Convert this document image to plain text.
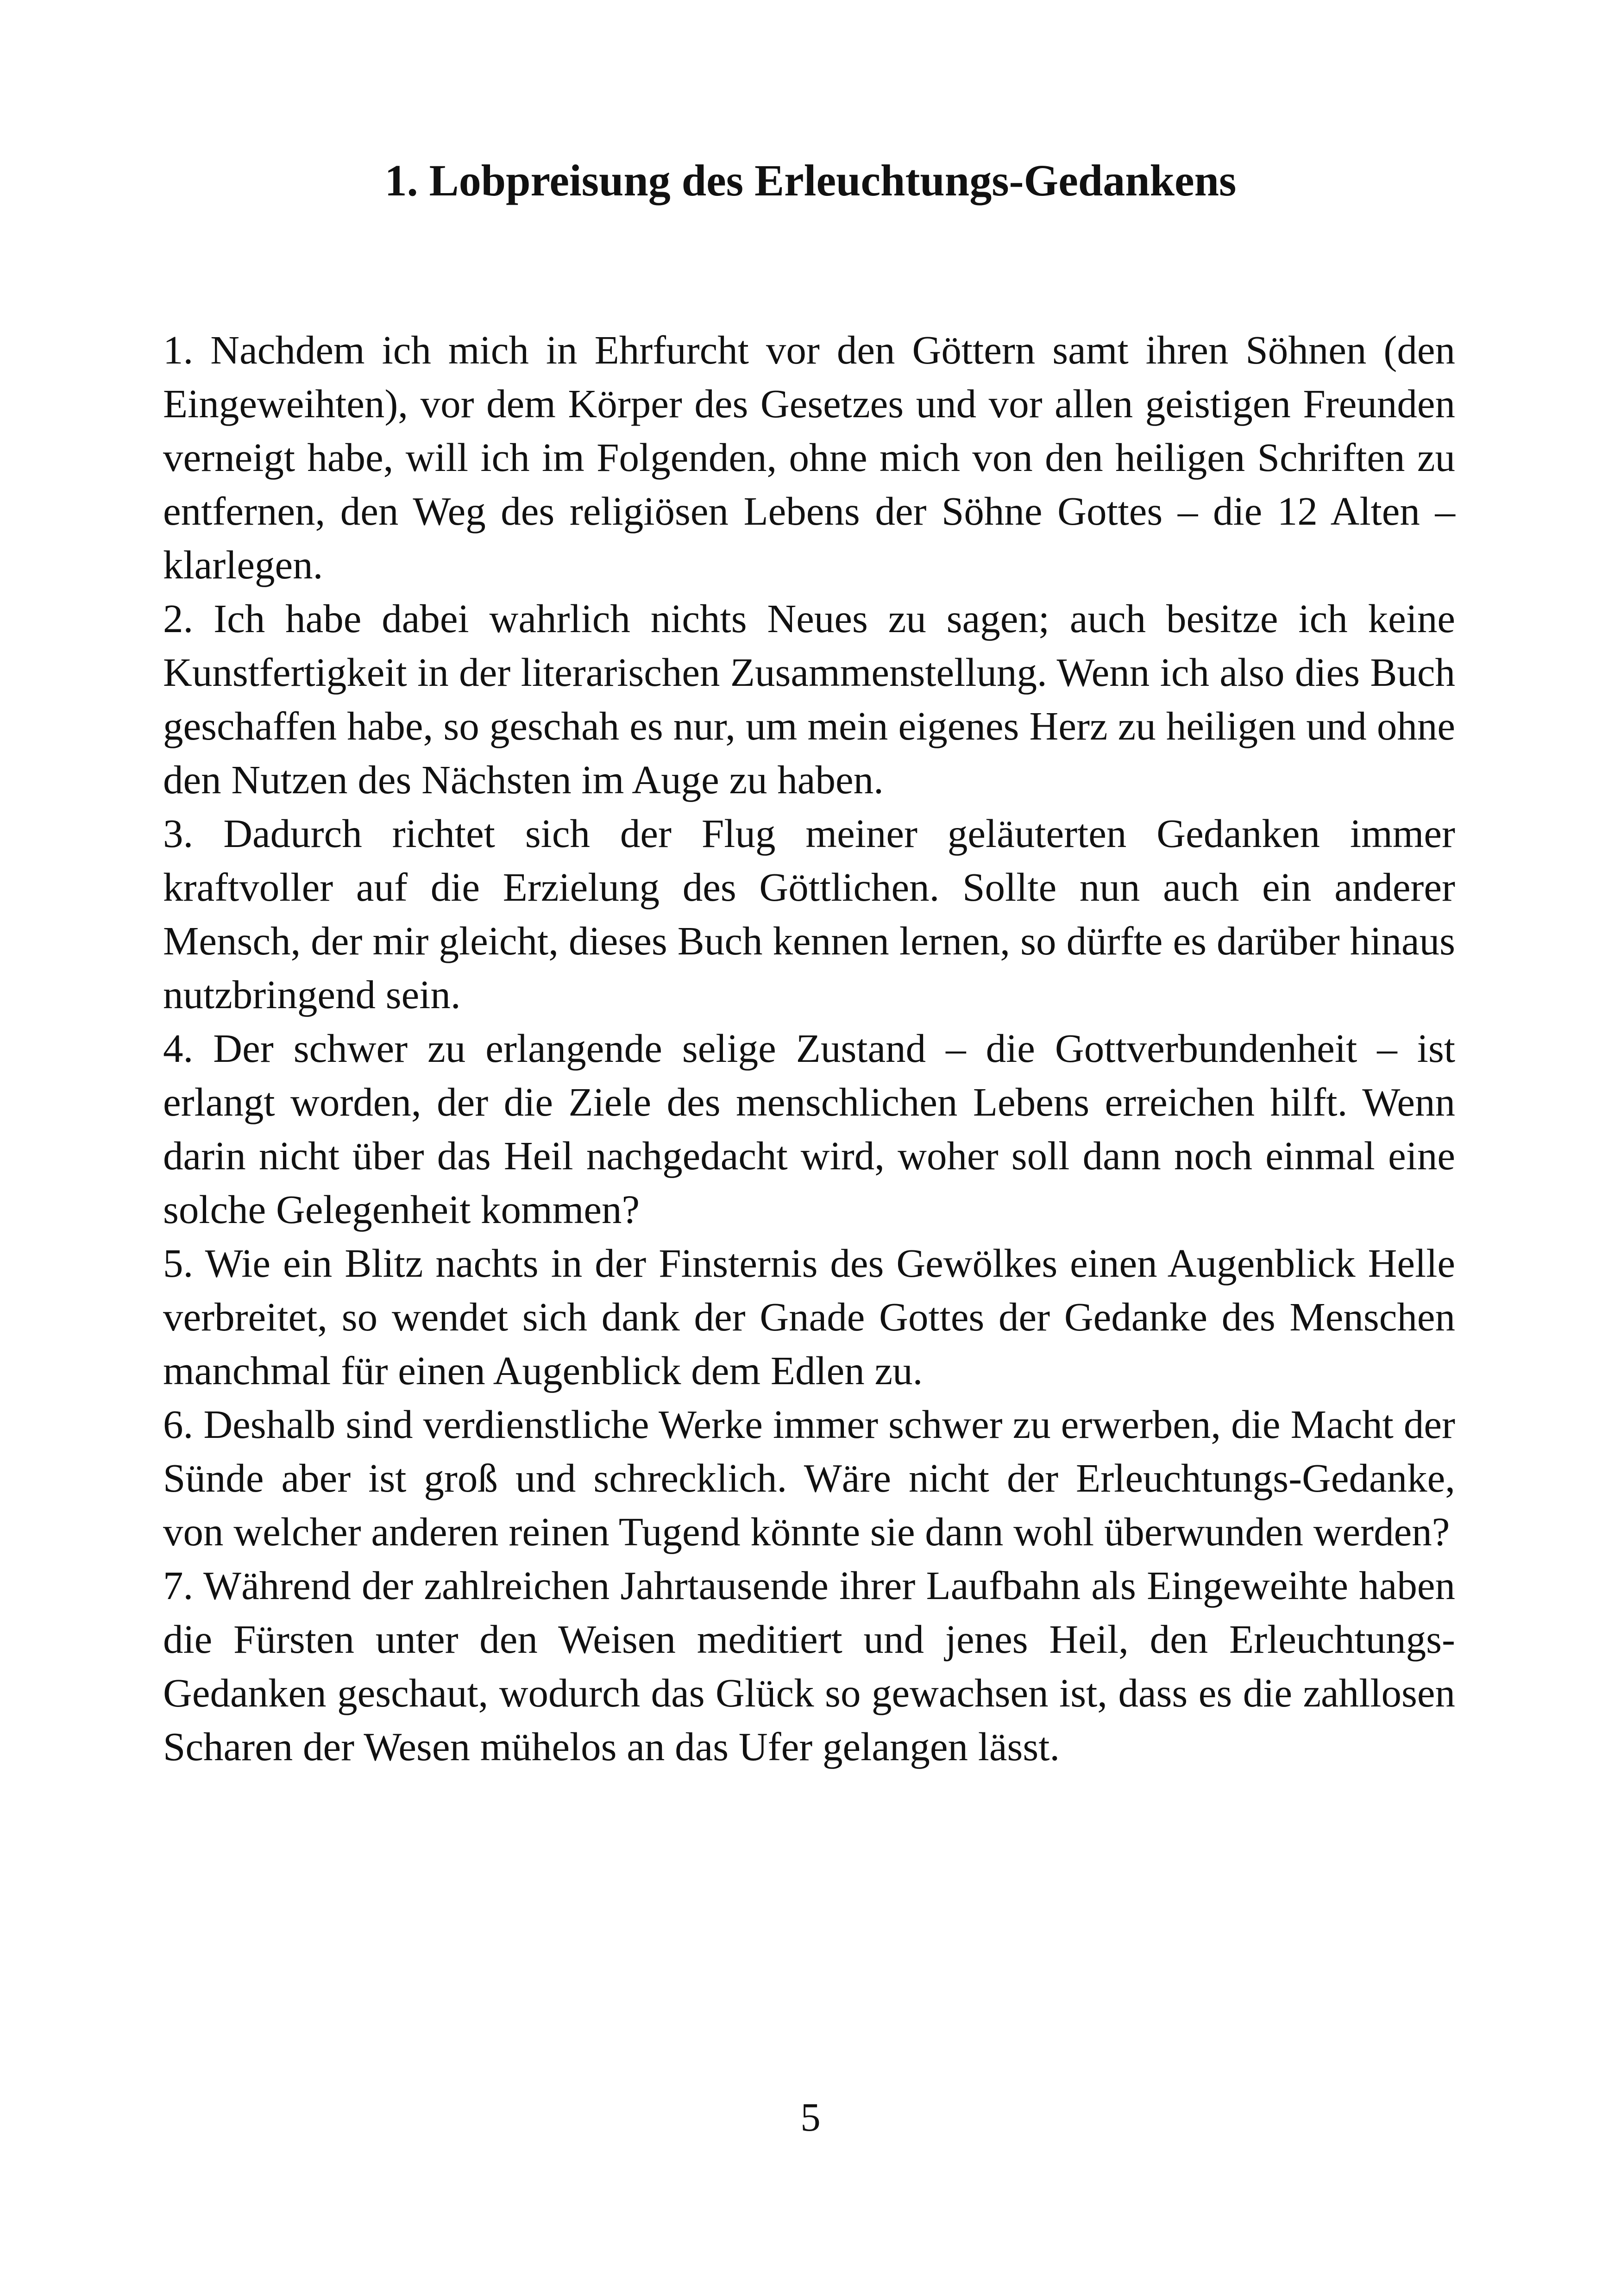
1. Lobpreisung des Erleuchtungs-Gedankens

1. Nachdem ich mich in Ehrfurcht vor den Göttern samt ihren Söhnen (den Eingeweihten), vor dem Körper des Gesetzes und vor allen geistigen Freunden verneigt habe, will ich im Folgenden, ohne mich von den heiligen Schriften zu entfernen, den Weg des religiösen Lebens der Söhne Gottes – die 12 Alten – klarlegen.

2. Ich habe dabei wahrlich nichts Neues zu sagen; auch besitze ich keine Kunstfertigkeit in der literarischen Zusammenstellung. Wenn ich also dies Buch geschaffen habe, so geschah es nur, um mein eigenes Herz zu heiligen und ohne den Nutzen des Nächsten im Auge zu haben.

3. Dadurch richtet sich der Flug meiner geläuterten Gedanken immer kraftvoller auf die Erzielung des Göttlichen. Sollte nun auch ein anderer Mensch, der mir gleicht, dieses Buch kennen lernen, so dürfte es darüber hinaus nutzbringend sein.

4. Der schwer zu erlangende selige Zustand – die Gottverbundenheit – ist erlangt worden, der die Ziele des menschlichen Lebens erreichen hilft. Wenn darin nicht über das Heil nachgedacht wird, woher soll dann noch einmal eine solche Gelegenheit kommen?

5. Wie ein Blitz nachts in der Finsternis des Gewölkes einen Augenblick Helle verbreitet, so wendet sich dank der Gnade Gottes der Gedanke des Menschen manchmal für einen Augenblick dem Edlen zu.

6. Deshalb sind verdienstliche Werke immer schwer zu erwerben, die Macht der Sünde aber ist groß und schrecklich. Wäre nicht der Erleuchtungs-Gedanke, von welcher anderen reinen Tugend könnte sie dann wohl überwunden werden?

7. Während der zahlreichen Jahrtausende ihrer Laufbahn als Eingeweihte haben die Fürsten unter den Weisen meditiert und jenes Heil, den Erleuchtungs-Gedanken geschaut, wodurch das Glück so gewachsen ist, dass es die zahllosen Scharen der Wesen mühelos an das Ufer gelangen lässt.

5
